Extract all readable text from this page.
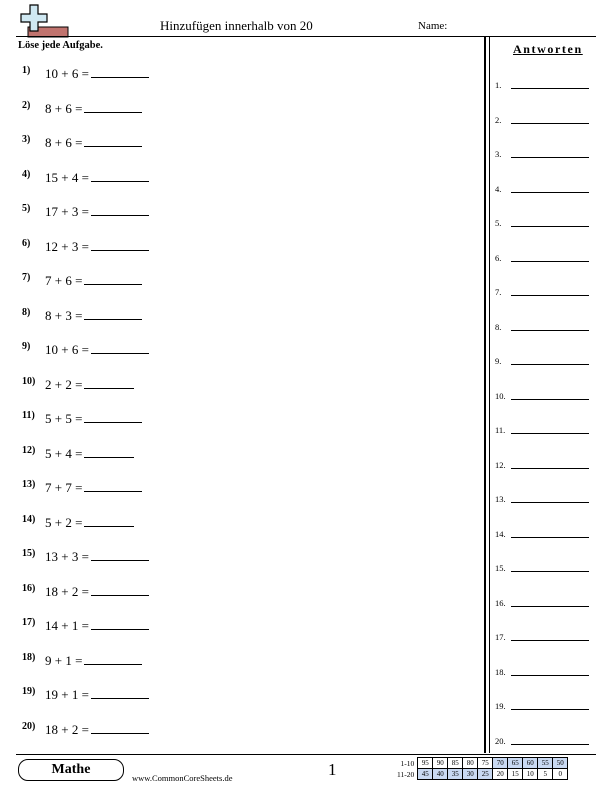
Hinzufügen innerhalb von 20	Name:
Löse jede Aufgabe.
1) 10 + 6 =
2) 8 + 6 =
3) 8 + 6 =
4) 15 + 4 =
5) 17 + 3 =
6) 12 + 3 =
7) 7 + 6 =
8) 8 + 3 =
9) 10 + 6 =
10) 2 + 2 =
11) 5 + 5 =
12) 5 + 4 =
13) 7 + 7 =
14) 5 + 2 =
15) 13 + 3 =
16) 18 + 2 =
17) 14 + 1 =
18) 9 + 1 =
19) 19 + 1 =
20) 18 + 2 =
Antworten
1.
2.
3.
4.
5.
6.
7.
8.
9.
10.
11.
12.
13.
14.
15.
16.
17.
18.
19.
20.
Mathe
www.CommonCoreSheets.de	1	1-10	95	90	85	80	75	70	65	60	55	50
11-20	45	40	35	30	25	20	15	10	5	0
